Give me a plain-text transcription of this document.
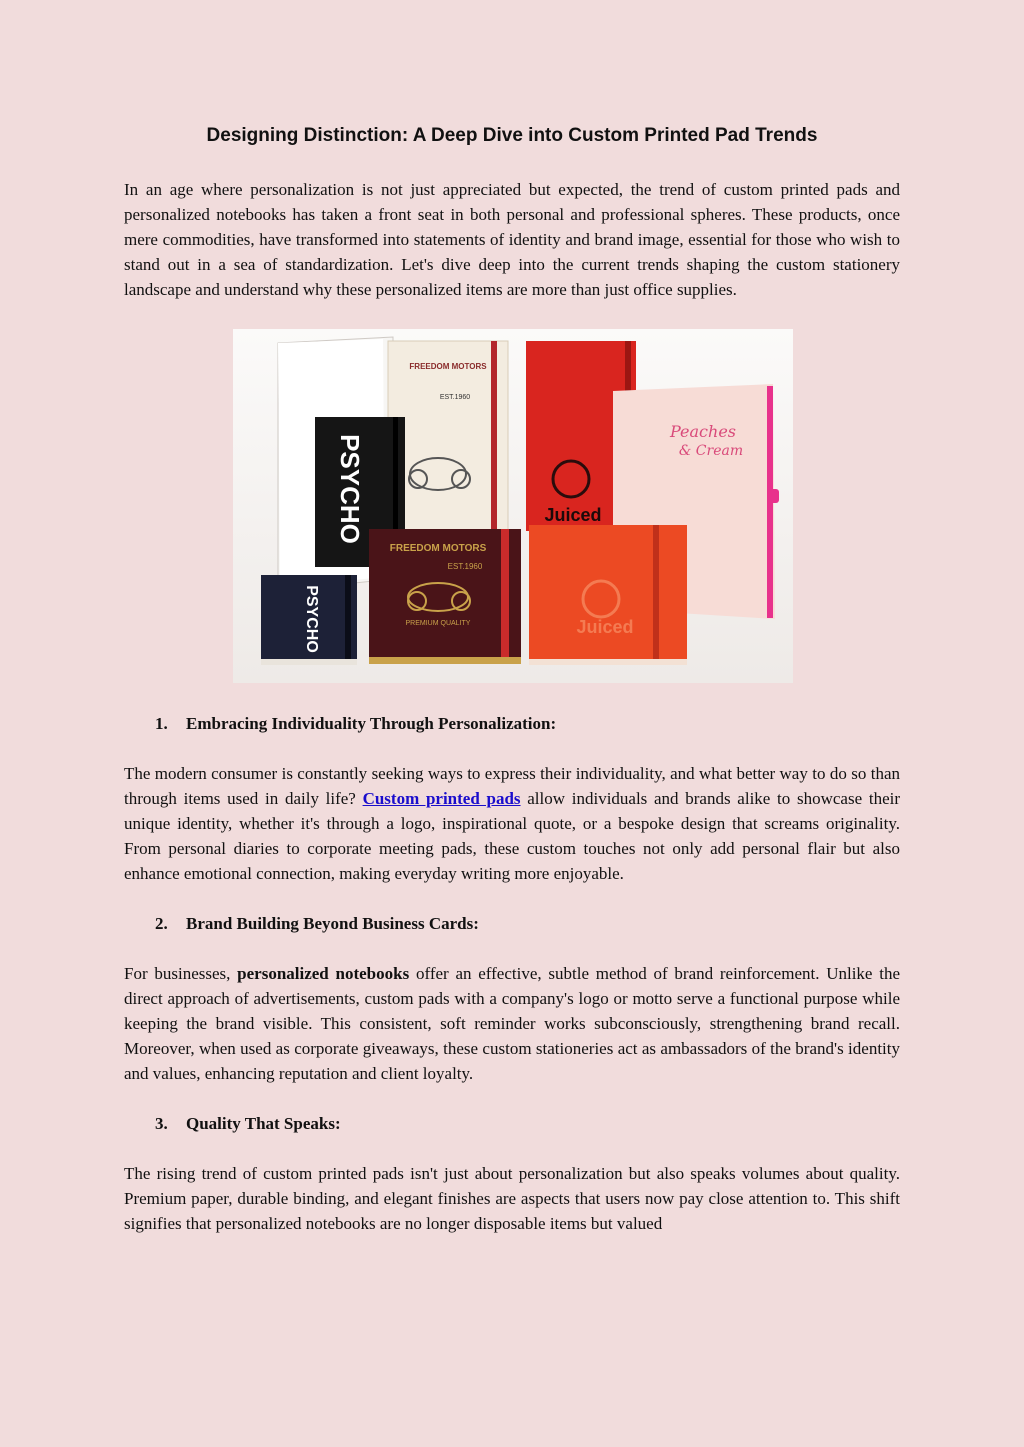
Designing Distinction: A Deep Dive into Custom Printed Pad Trends

In an age where personalization is not just appreciated but expected, the trend of custom printed pads and personalized notebooks has taken a front seat in both personal and professional spheres. These products, once mere commodities, have transformed into statements of identity and brand image, essential for those who wish to stand out in a sea of standardization. Let's dive deep into the current trends shaping the custom stationery landscape and understand why these personalized items are more than just office supplies.

FREEDOM MOTORS
EST.1960
Juiced
Peaches
& Cream
PSYCHO
PSYCHO
FREEDOM MOTORS
EST.1960
PREMIUM QUALITY	Juiced

1. Embracing Individuality Through Personalization:

The modern consumer is constantly seeking ways to express their individuality, and what better way to do so than through items used in daily life? Custom printed pads allow individuals and brands alike to showcase their unique identity, whether it's through a logo, inspirational quote, or a bespoke design that screams originality. From personal diaries to corporate meeting pads, these custom touches not only add personal flair but also enhance emotional connection, making everyday writing more enjoyable.

2. Brand Building Beyond Business Cards:

For businesses, personalized notebooks offer an effective, subtle method of brand reinforcement. Unlike the direct approach of advertisements, custom pads with a company's logo or motto serve a functional purpose while keeping the brand visible. This consistent, soft reminder works subconsciously, strengthening brand recall. Moreover, when used as corporate giveaways, these custom stationeries act as ambassadors of the brand's identity and values, enhancing reputation and client loyalty.

3. Quality That Speaks:

The rising trend of custom printed pads isn't just about personalization but also speaks volumes about quality. Premium paper, durable binding, and elegant finishes are aspects that users now pay close attention to. This shift signifies that personalized notebooks are no longer disposable items but valued
